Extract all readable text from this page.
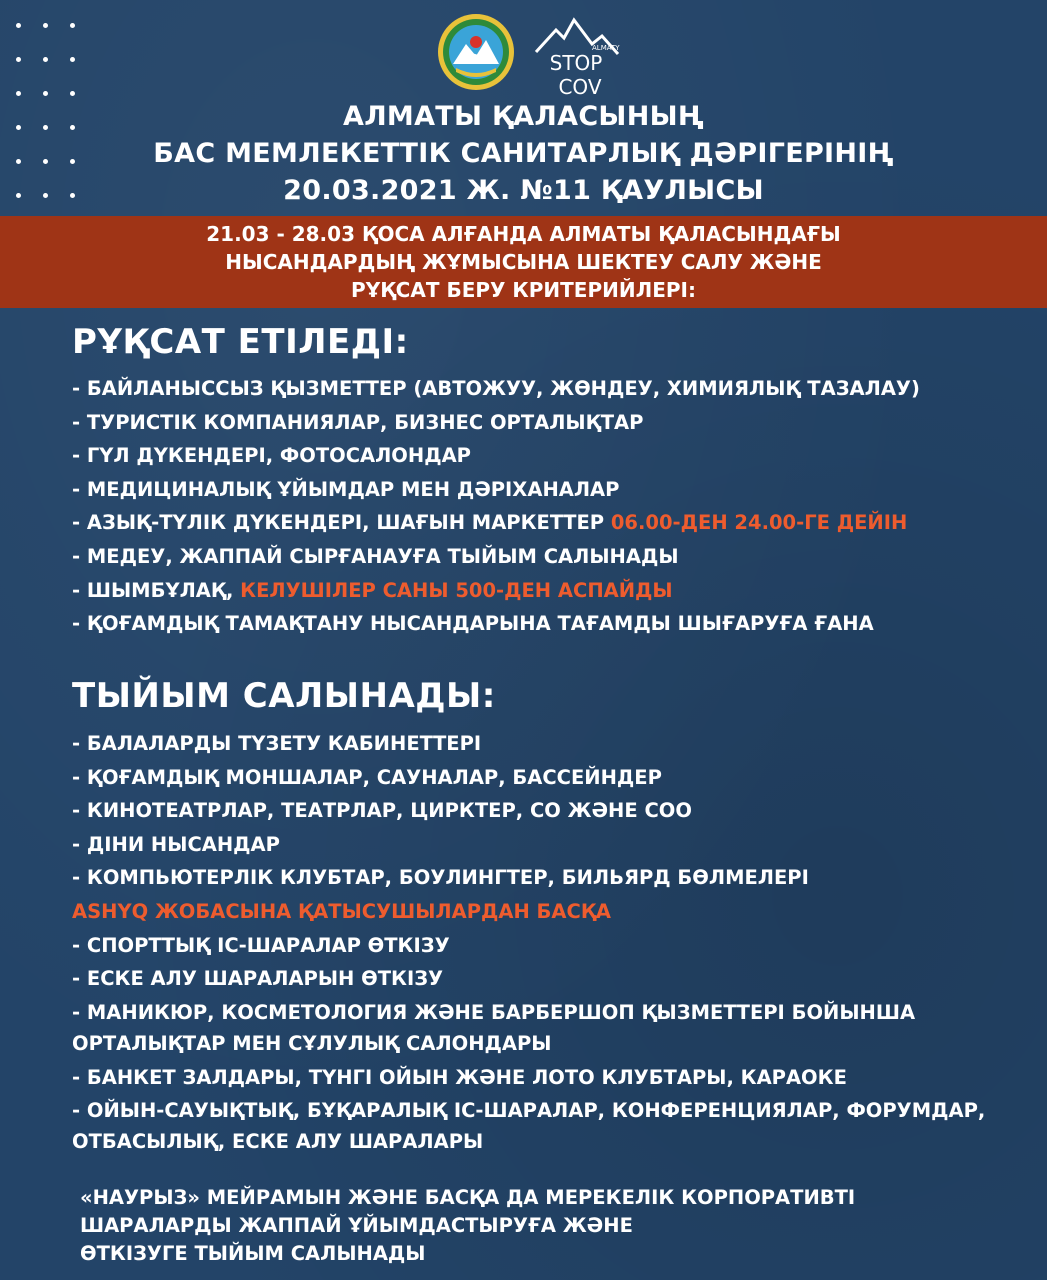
ALMATY
STOP
COV
АЛМАТЫ ҚАЛАСЫНЫҢ
БАС МЕМЛЕКЕТТІК САНИТАРЛЫҚ ДӘРІГЕРІНІҢ
20.03.2021 Ж. №11 ҚАУЛЫСЫ
21.03 - 28.03 ҚОСА АЛҒАНДА АЛМАТЫ ҚАЛАСЫНДАҒЫ
НЫСАНДАРДЫҢ ЖҰМЫСЫНА ШЕКТЕУ САЛУ ЖӘНЕ
РҰҚСАТ БЕРУ КРИТЕРИЙЛЕРІ:
РҰҚСАТ ЕТІЛЕДІ:
- БАЙЛАНЫССЫЗ ҚЫЗМЕТТЕР (АВТОЖУУ, ЖӨНДЕУ, ХИМИЯЛЫҚ ТАЗАЛАУ)
- ТУРИСТІК КОМПАНИЯЛАР, БИЗНЕС ОРТАЛЫҚТАР
- ГҮЛ ДҮКЕНДЕРІ, ФОТОСАЛОНДАР
- МЕДИЦИНАЛЫҚ ҰЙЫМДАР МЕН ДӘРІХАНАЛАР
- АЗЫҚ-ТҮЛІК ДҮКЕНДЕРІ, ШАҒЫН МАРКЕТТЕР 06.00-ДЕН 24.00-ГЕ ДЕЙІН
- МЕДЕУ, ЖАППАЙ СЫРҒАНАУҒА ТЫЙЫМ САЛЫНАДЫ
- ШЫМБҰЛАҚ, КЕЛУШІЛЕР САНЫ 500-ДЕН АСПАЙДЫ
- ҚОҒАМДЫҚ ТАМАҚТАНУ НЫСАНДАРЫНА ТАҒАМДЫ ШЫҒАРУҒА ҒАНА
ТЫЙЫМ САЛЫНАДЫ:
- БАЛАЛАРДЫ ТҮЗЕТУ КАБИНЕТТЕРІ
- ҚОҒАМДЫҚ МОНШАЛАР, САУНАЛАР, БАССЕЙНДЕР
- КИНОТЕАТРЛАР, ТЕАТРЛАР, ЦИРКТЕР, СО ЖӘНЕ СОО
- ДІНИ НЫСАНДАР
- КОМПЬЮТЕРЛІК КЛУБТАР, БОУЛИНГТЕР, БИЛЬЯРД БӨЛМЕЛЕРІ
ASHYQ ЖОБАСЫНА ҚАТЫСУШЫЛАРДАН БАСҚА
- СПОРТТЫҚ ІС-ШАРАЛАР ӨТКІЗУ
- ЕСКЕ АЛУ ШАРАЛАРЫН ӨТКІЗУ
- МАНИКЮР, КОСМЕТОЛОГИЯ ЖӘНЕ БАРБЕРШОП ҚЫЗМЕТТЕРІ БОЙЫНША ОРТАЛЫҚТАР МЕН СҰЛУЛЫҚ САЛОНДАРЫ
- БАНКЕТ ЗАЛДАРЫ, ТҮНГІ ОЙЫН ЖӘНЕ ЛОТО КЛУБТАРЫ, КАРАОКЕ
- ОЙЫН-САУЫҚТЫҚ, БҰҚАРАЛЫҚ ІС-ШАРАЛАР, КОНФЕРЕНЦИЯЛАР, ФОРУМДАР, ОТБАСЫЛЫҚ, ЕСКЕ АЛУ ШАРАЛАРЫ
«НАУРЫЗ» МЕЙРАМЫН ЖӘНЕ БАСҚА ДА МЕРЕКЕЛІК КОРПОРАТИВТІ
ШАРАЛАРДЫ ЖАППАЙ ҰЙЫМДАСТЫРУҒА ЖӘНЕ
ӨТКІЗУГЕ ТЫЙЫМ САЛЫНАДЫ
